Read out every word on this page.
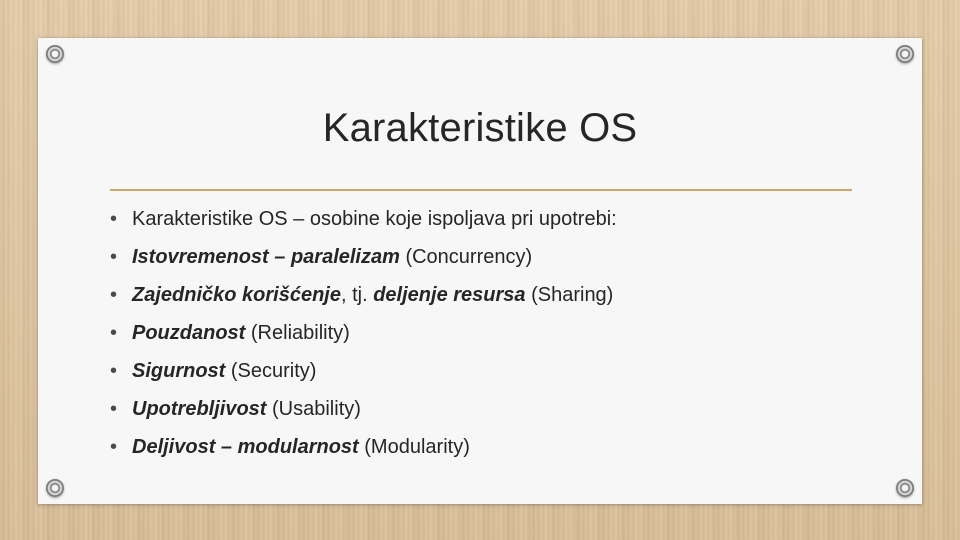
Karakteristike OS
• Karakteristike OS – osobine koje ispoljava pri upotrebi:
• Istovremenost – paralelizam (Concurrency)
• Zajedničko korišćenje, tj. deljenje resursa (Sharing)
• Pouzdanost (Reliability)
• Sigurnost (Security)
• Upotrebljivost (Usability)
• Deljivost – modularnost (Modularity)
